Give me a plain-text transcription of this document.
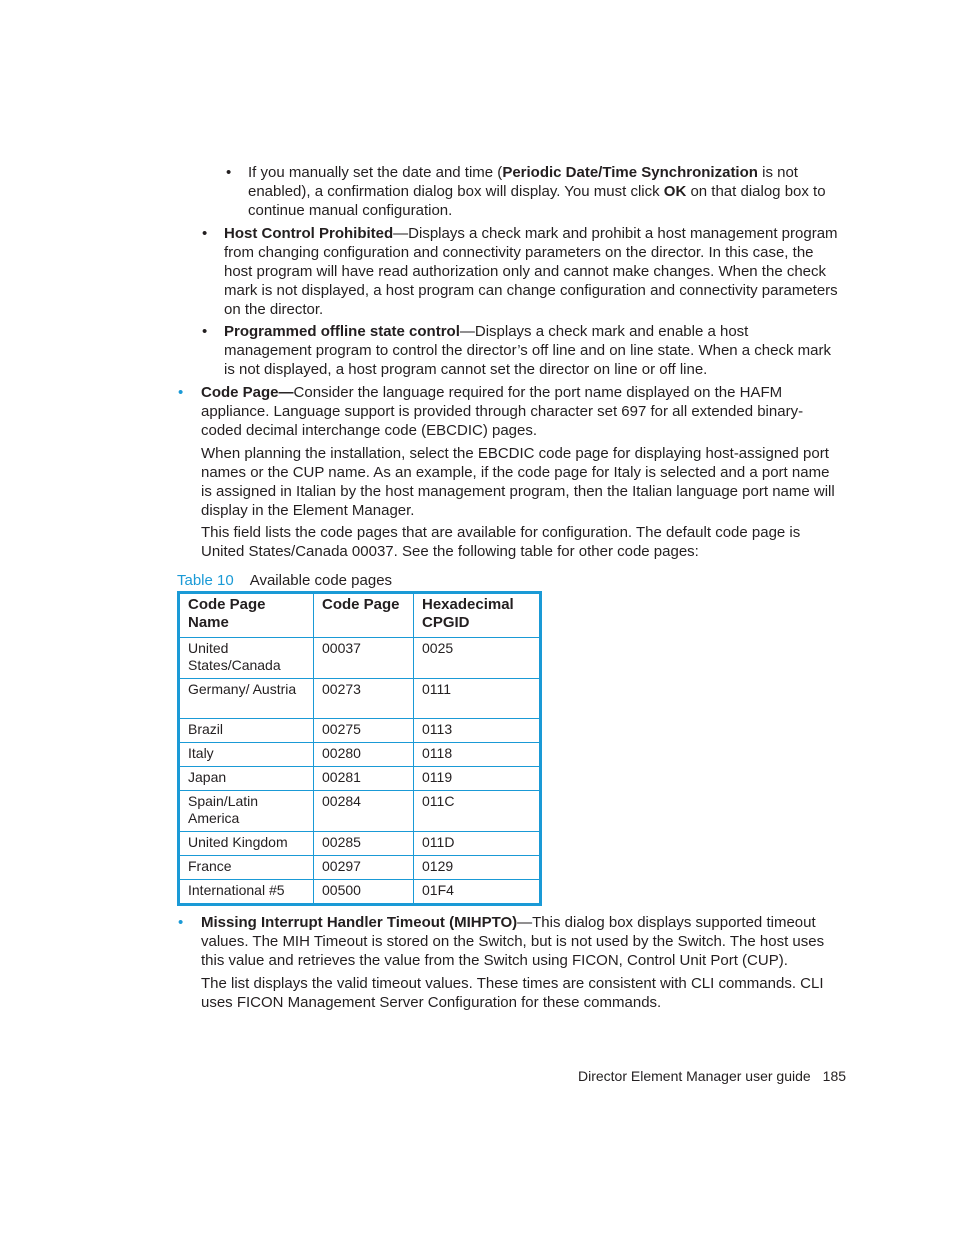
•	If you manually set the date and time (Periodic Date/Time Synchronization is not enabled), a confirmation dialog box will display. You must click OK on that dialog box to continue manual configuration.
•	Host Control Prohibited—Displays a check mark and prohibit a host management program from changing configuration and connectivity parameters on the director. In this case, the host program will have read authorization only and cannot make changes. When the check mark is not displayed, a host program can change configuration and connectivity parameters on the director.
•	Programmed offline state control—Displays a check mark and enable a host management program to control the director’s off line and on line state. When a check mark is not displayed, a host program cannot set the director on line or off line.
•	Code Page—Consider the language required for the port name displayed on the HAFM appliance. Language support is provided through character set 697 for all extended binary-coded decimal interchange code (EBCDIC) pages.
When planning the installation, select the EBCDIC code page for displaying host-assigned port names or the CUP name. As an example, if the code page for Italy is selected and a port name is assigned in Italian by the host management program, then the Italian language port name will display in the Element Manager.
This field lists the code pages that are available for configuration. The default code page is United States/Canada 00037. See the following table for other code pages:
Table 10 Available code pages
Code Page Name	Code Page	Hexadecimal CPGID
United States/Canada	00037	0025
Germany/ Austria	00273	0111
Brazil	00275	0113
Italy	00280	0118
Japan	00281	0119
Spain/Latin America	00284	011C
United Kingdom	00285	011D
France	00297	0129
International #5	00500	01F4
•	Missing Interrupt Handler Timeout (MIHPTO)—This dialog box displays supported timeout values. The MIH Timeout is stored on the Switch, but is not used by the Switch. The host uses this value and retrieves the value from the Switch using FICON, Control Unit Port (CUP).
The list displays the valid timeout values. These times are consistent with CLI commands. CLI uses FICON Management Server Configuration for these commands.
Director Element Manager user guide 185
